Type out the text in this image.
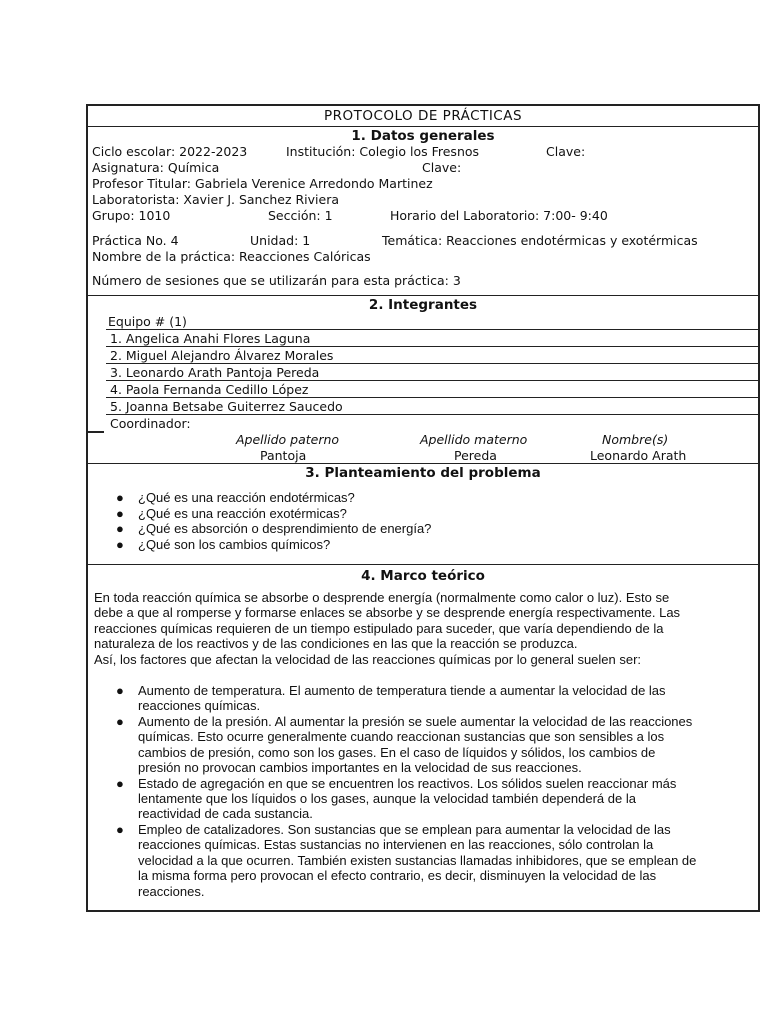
PROTOCOLO DE PRÁCTICAS
1. Datos generales
Ciclo escolar: 2022-2023	Institución: Colegio los Fresnos	Clave:
Asignatura: Química	Clave:
Profesor Titular: Gabriela Verenice Arredondo Martinez
Laboratorista: Xavier J. Sanchez Riviera
Grupo: 1010	Sección: 1	Horario del Laboratorio: 7:00- 9:40
Práctica No. 4	Unidad: 1	Temática: Reacciones endotérmicas y exotérmicas
Nombre de la práctica: Reacciones Calóricas
Número de sesiones que se utilizarán para esta práctica: 3
2. Integrantes
Equipo # (1)
1. Angelica Anahi Flores Laguna
2. Miguel Alejandro Álvarez Morales
3. Leonardo Arath Pantoja Pereda
4. Paola Fernanda Cedillo López
5. Joanna Betsabe Guiterrez Saucedo
Coordinador:
Apellido paterno	Apellido materno	Nombre(s)
Pantoja	Pereda	Leonardo Arath
3. Planteamiento del problema
● ¿Qué es una reacción endotérmicas?
● ¿Qué es una reacción exotérmicas?
● ¿Qué es absorción o desprendimiento de energía?
● ¿Qué son los cambios químicos?
4. Marco teórico
En toda reacción química se absorbe o desprende energía (normalmente como calor o luz). Esto se
debe a que al romperse y formarse enlaces se absorbe y se desprende energía respectivamente. Las
reacciones químicas requieren de un tiempo estipulado para suceder, que varía dependiendo de la
naturaleza de los reactivos y de las condiciones en las que la reacción se produzca.
Así, los factores que afectan la velocidad de las reacciones químicas por lo general suelen ser:
● Aumento de temperatura. El aumento de temperatura tiende a aumentar la velocidad de las
reacciones químicas.
● Aumento de la presión. Al aumentar la presión se suele aumentar la velocidad de las reacciones
químicas. Esto ocurre generalmente cuando reaccionan sustancias que son sensibles a los
cambios de presión, como son los gases. En el caso de líquidos y sólidos, los cambios de
presión no provocan cambios importantes en la velocidad de sus reacciones.
● Estado de agregación en que se encuentren los reactivos. Los sólidos suelen reaccionar más
lentamente que los líquidos o los gases, aunque la velocidad también dependerá de la
reactividad de cada sustancia.
● Empleo de catalizadores. Son sustancias que se emplean para aumentar la velocidad de las
reacciones químicas. Estas sustancias no intervienen en las reacciones, sólo controlan la
velocidad a la que ocurren. También existen sustancias llamadas inhibidores, que se emplean de
la misma forma pero provocan el efecto contrario, es decir, disminuyen la velocidad de las
reacciones.
